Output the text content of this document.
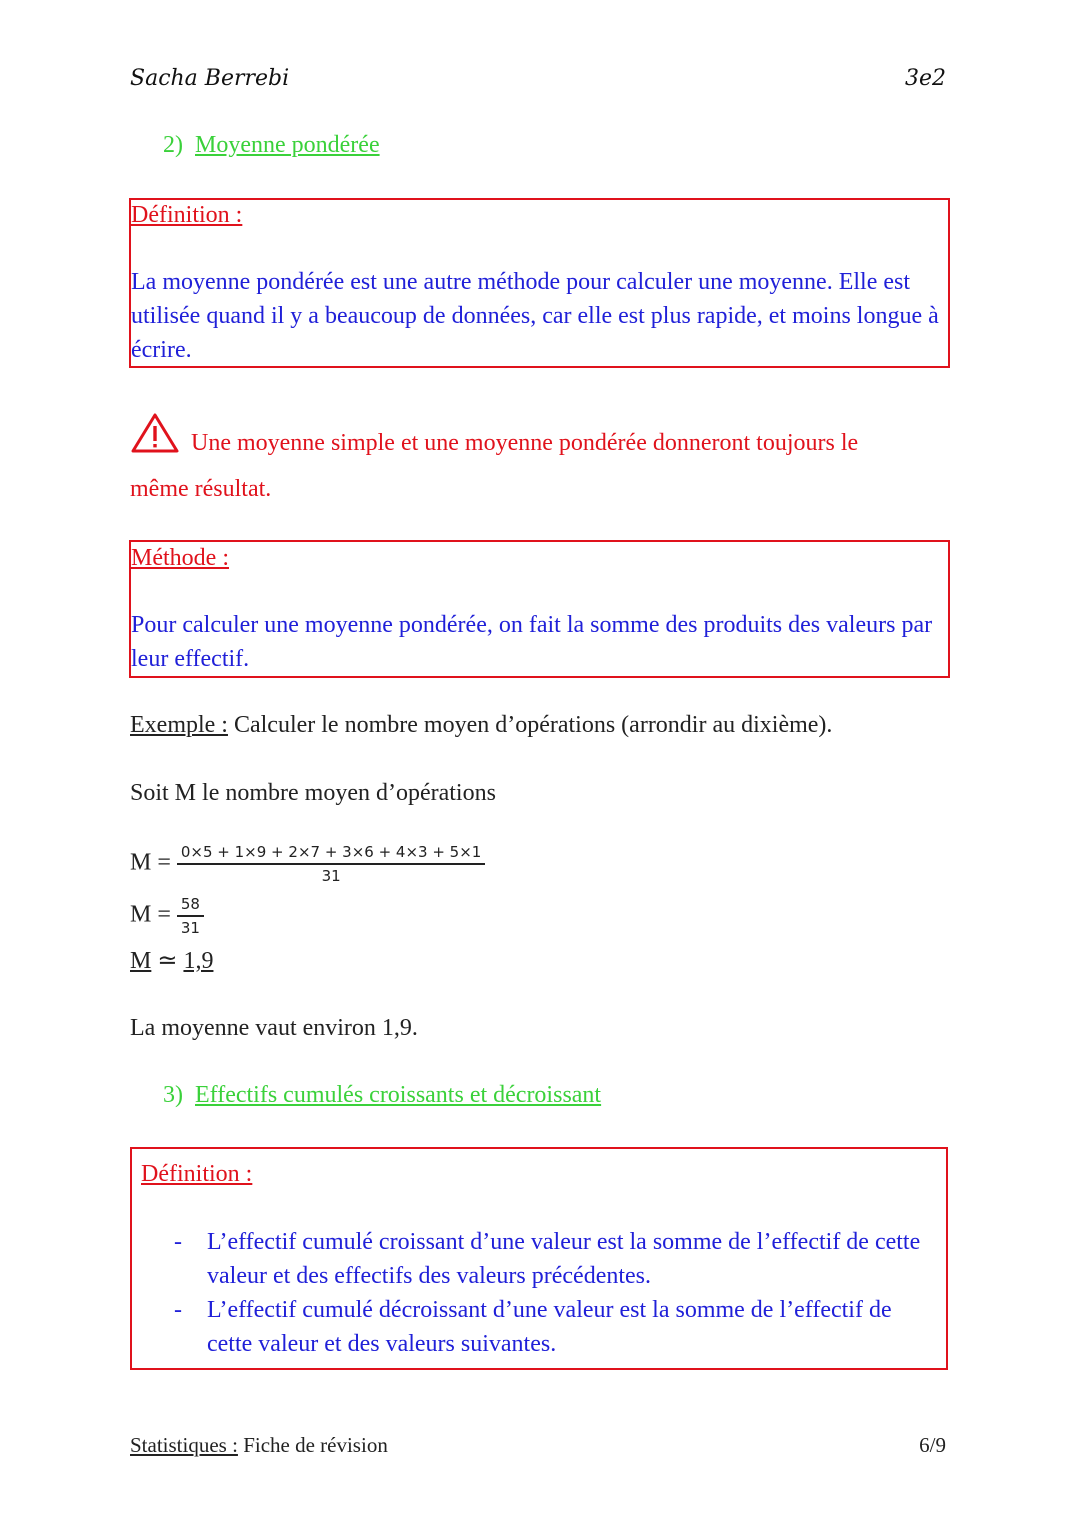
Sacha Berrebi	3e2
2) Moyenne pondérée
Définition :
La moyenne pondérée est une autre méthode pour calculer une moyenne. Elle est utilisée quand il y a beaucoup de données, car elle est plus rapide, et moins longue à écrire.
Une moyenne simple et une moyenne pondérée donneront toujours le
même résultat.
Méthode :
Pour calculer une moyenne pondérée, on fait la somme des produits des valeurs par leur effectif.
Exemple : Calculer le nombre moyen d’opérations (arrondir au dixième).
Soit M le nombre moyen d’opérations
$M = \frac{0\times 5 + 1\times 9 + 2\times 7 + 3\times 6 + 4\times 3 + 5\times 1}{31}$
$M = \frac{58}{31}$
M ≃ 1,9
La moyenne vaut environ 1,9.
3) Effectifs cumulés croissants et décroissant
Définition :
- L’effectif cumulé croissant d’une valeur est la somme de l’effectif de cette valeur et des effectifs des valeurs précédentes.
- L’effectif cumulé décroissant d’une valeur est la somme de l’effectif de cette valeur et des valeurs suivantes.
Statistiques : Fiche de révision	6/9
